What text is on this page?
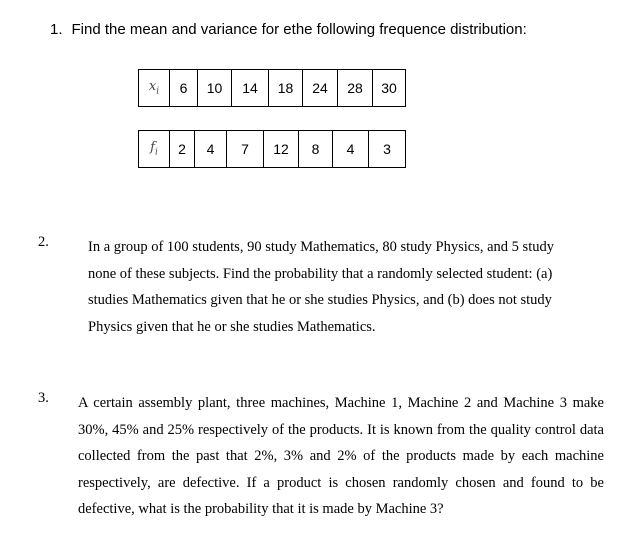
1. Find the mean and variance for ethe following frequence distribution:
$x_i$	6	10	14	18	24	28	30
$f_i$	2	4	7	12	8	4	3
2.	In a group of 100 students, 90 study Mathematics, 80 study Physics, and 5 study none of these subjects. Find the probability that a randomly selected student: (a) studies Mathematics given that he or she studies Physics, and (b) does not study Physics given that he or she studies Mathematics.
3. A certain assembly plant, three machines, Machine 1, Machine 2 and Machine 3 make 30%, 45% and 25% respectively of the products. It is known from the quality control data collected from the past that 2%, 3% and 2% of the products made by each machine respectively, are defective. If a product is chosen randomly chosen and found to be defective, what is the probability that it is made by Machine 3?
